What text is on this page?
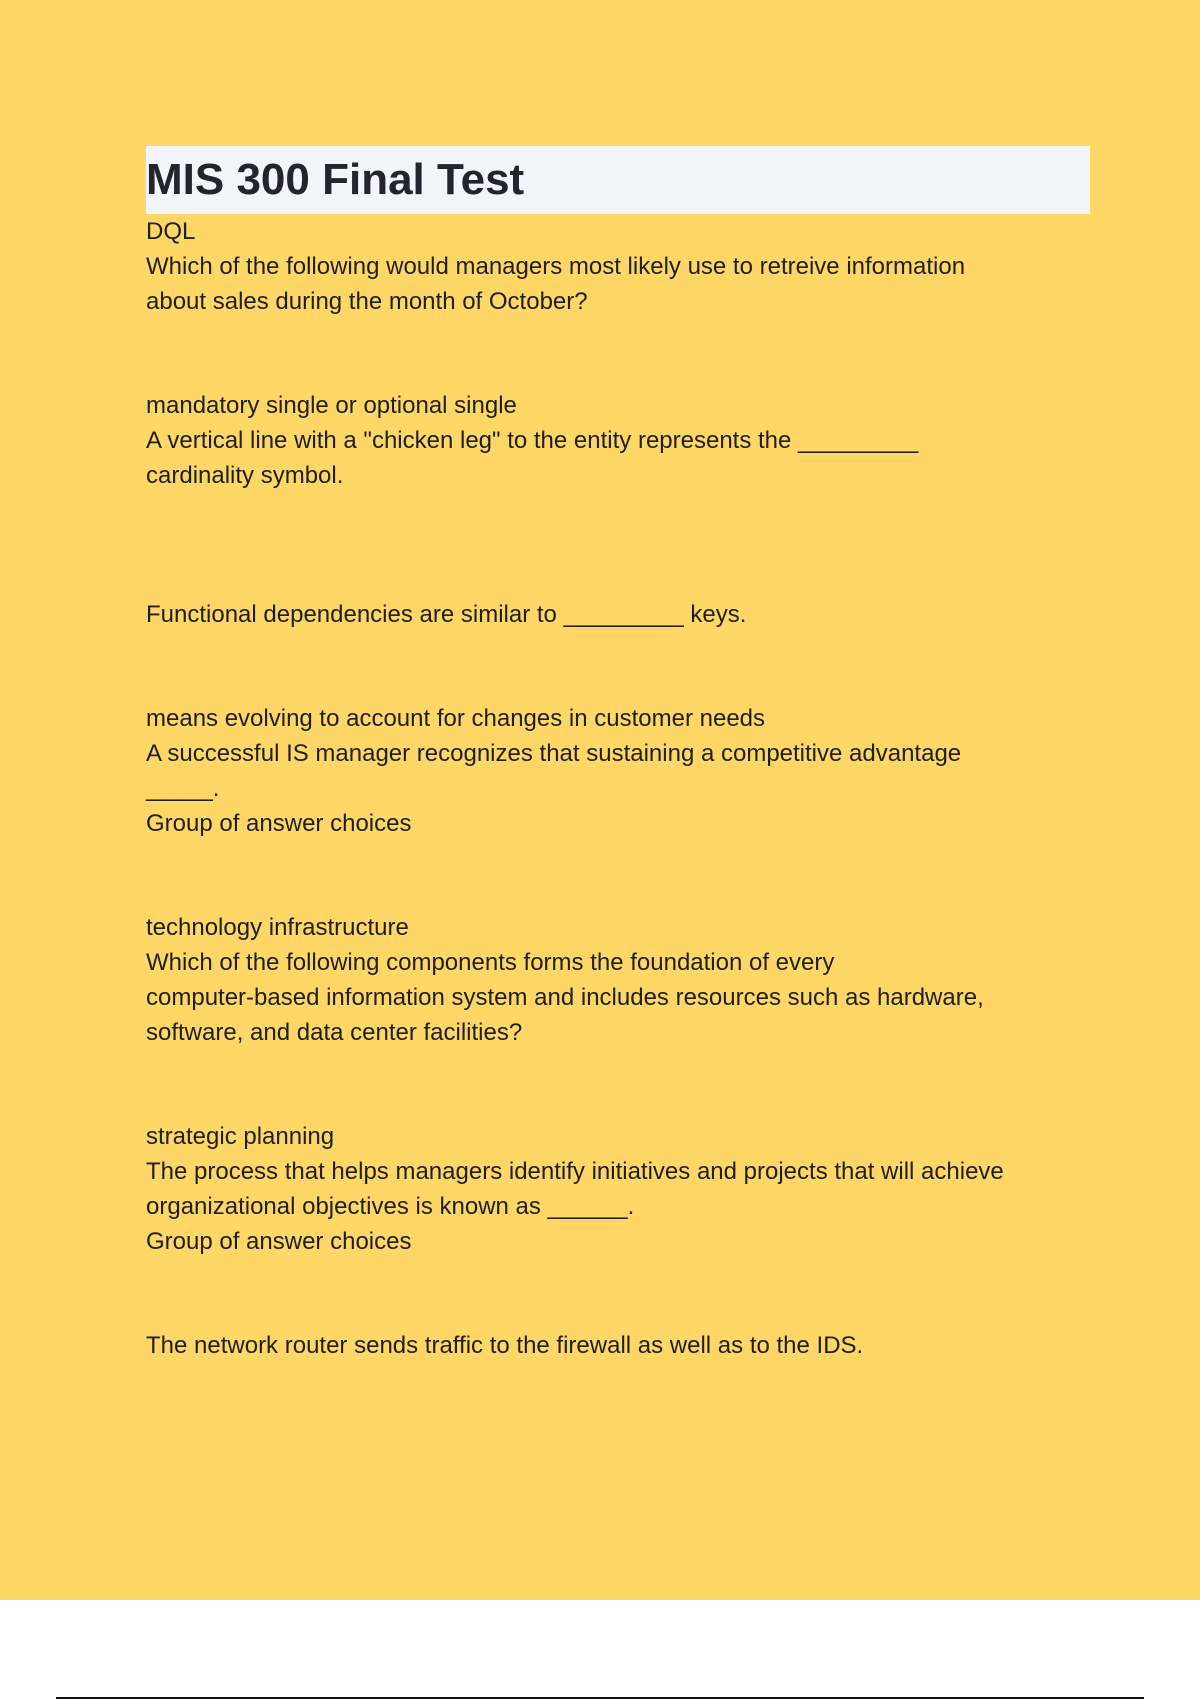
MIS 300 Final Test

DQL

Which of the following would managers most likely use to retreive information

about sales during the month of October?

mandatory single or optional single

A vertical line with a "chicken leg" to the entity represents the _________

cardinality symbol.

Functional dependencies are similar to _________ keys.

means evolving to account for changes in customer needs

A successful IS manager recognizes that sustaining a competitive advantage

_____.

Group of answer choices

technology infrastructure

Which of the following components forms the foundation of every

computer-based information system and includes resources such as hardware,

software, and data center facilities?

strategic planning

The process that helps managers identify initiatives and projects that will achieve

organizational objectives is known as ______.

Group of answer choices

The network router sends traffic to the firewall as well as to the IDS.
